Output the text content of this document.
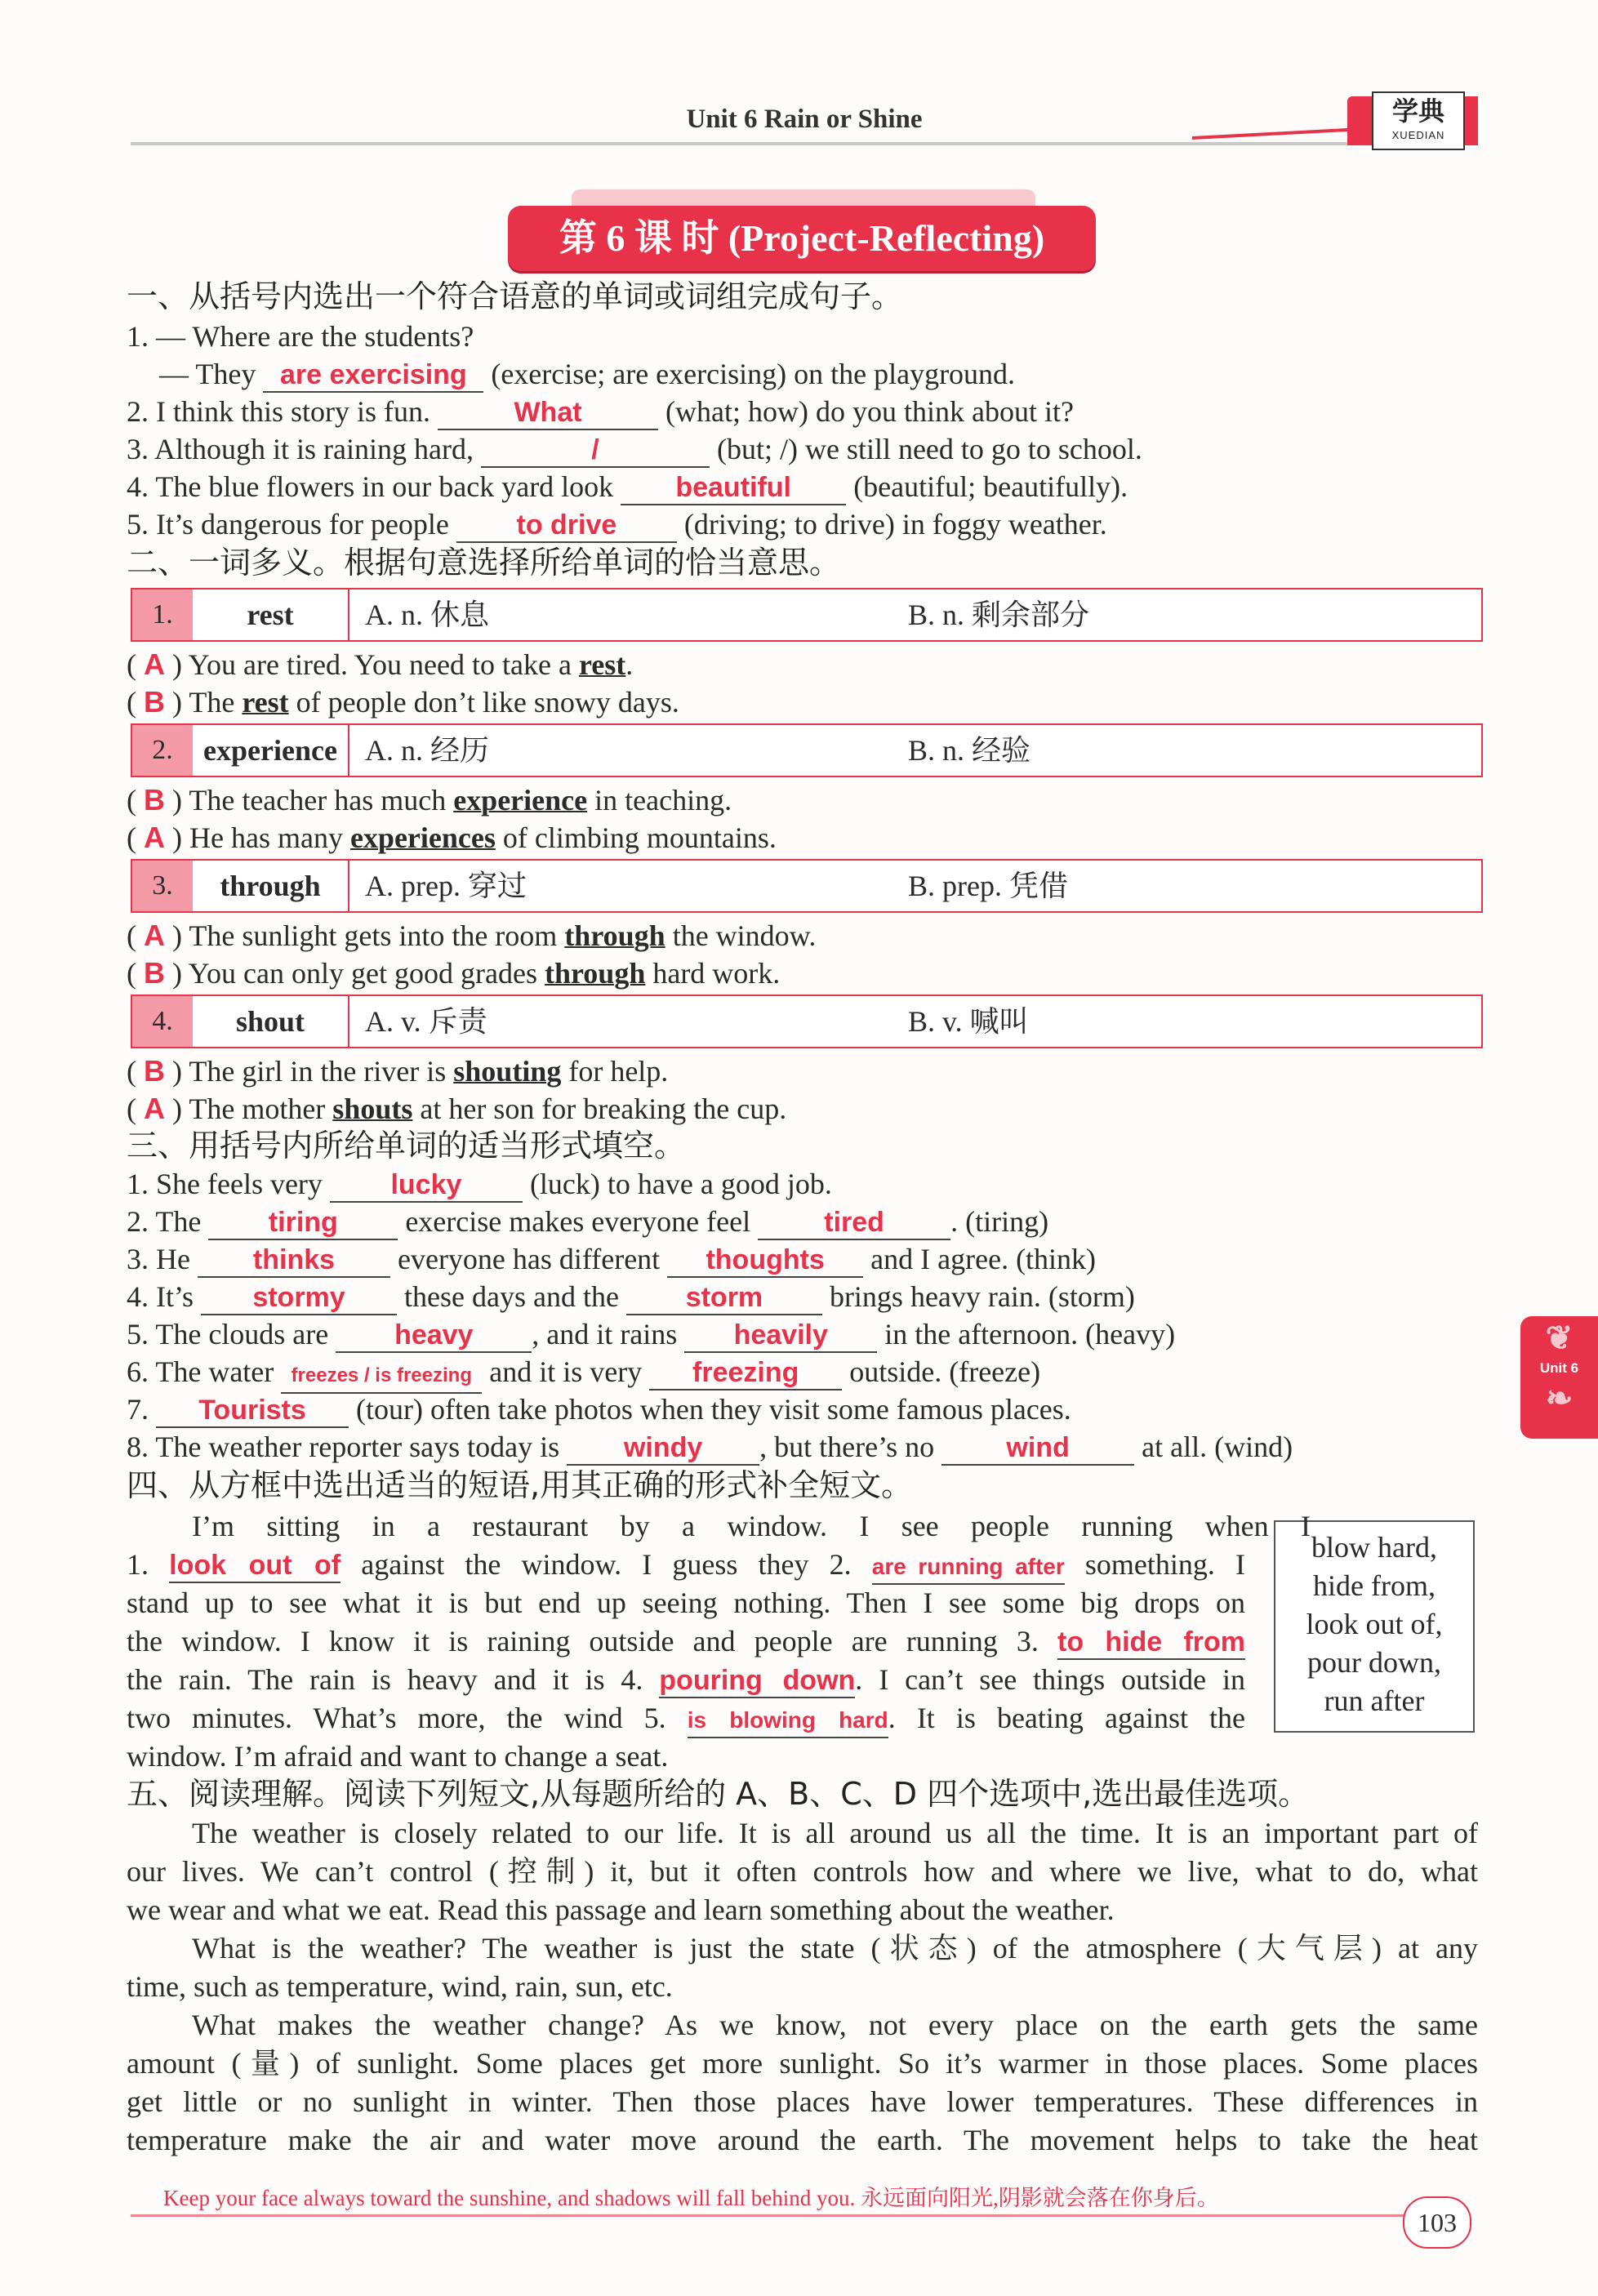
Unit 6 Rain or Shine	学典
XUEDIAN
第 6 课 时 (Project-Reflecting)
一、从括号内选出一个符合语意的单词或词组完成句子。
1. — Where are the students?
— They are exercising (exercise; are exercising) on the playground.
2. I think this story is fun.	What	(what; how) do you think about it?
3. Although it is raining hard,	/	(but; /) we still need to go to school.
4. The blue flowers in our back yard look beautiful (beautiful; beautifully).
5. It’s dangerous for people to drive (driving; to drive) in foggy weather.
二、一词多义。根据句意选择所给单词的恰当意思。
1.	rest	A. n. 休息	B. n. 剩余部分
( A ) You are tired. You need to take a rest.
( B ) The rest of people don’t like snowy days.
2.	experience A. n. 经历	B. n. 经验
( B ) The teacher has much experience in teaching.
( A ) He has many experiences of climbing mountains.
3.	through	A. prep. 穿过	B. prep. 凭借
( A ) The sunlight gets into the room through the window.
( B ) You can only get good grades through hard work.
4.	shout	A. v. 斥责	B. v. 喊叫
( B ) The girl in the river is shouting for help.
( A ) The mother shouts at her son for breaking the cup.
三、用括号内所给单词的适当形式填空。
1. She feels very lucky (luck) to have a good job.
2. The tiring exercise makes everyone feel tired . (tiring)
3. He thinks everyone has different thoughts and I agree. (think)
4. It’s stormy these days and the storm brings heavy rain. (storm)
5. The clouds are heavy , and it rains heavily in the afternoon. (heavy)
6. The water freezes / is freezing and it is very freezing outside. (freeze)
7. Tourists (tour) often take photos when they visit some famous places.
8. The weather reporter says today is windy , but there’s no wind at all. (wind)
四、从方框中选出适当的短语,用其正确的形式补全短文。
blow hard,
hide from,
look out of,
pour down,
run after
I’m sitting in a restaurant by a window. I see people running when I
1. look out of against the window. I guess they 2. are running after something. I
stand up to see what it is but end up seeing nothing. Then I see some big drops on
the window. I know it is raining outside and people are running 3. to hide from
the rain. The rain is heavy and it is 4. pouring down. I can’t see things outside in
two minutes. What’s more, the wind 5. is blowing hard. It is beating against the
window. I’m afraid and want to change a seat.
五、阅读理解。阅读下列短文,从每题所给的 A、B、C、D 四个选项中,选出最佳选项。
The weather is closely related to our life. It is all around us all the time. It is an important part of
our lives. We can’t control (控制) it, but it often controls how and where we live, what to do, what
we wear and what we eat. Read this passage and learn something about the weather.
What is the weather? The weather is just the state (状态) of the atmosphere (大气层) at any
time, such as temperature, wind, rain, sun, etc.
What makes the weather change? As we know, not every place on the earth gets the same
amount (量) of sunlight. Some places get more sunlight. So it’s warmer in those places. Some places
get little or no sunlight in winter. Then those places have lower temperatures. These differences in
temperature make the air and water move around the earth. The movement helps to take the heat
❦
Unit 6
❧
Keep your face always toward the sunshine, and shadows will fall behind you. 永远面向阳光,阴影就会落在你身后。
103
